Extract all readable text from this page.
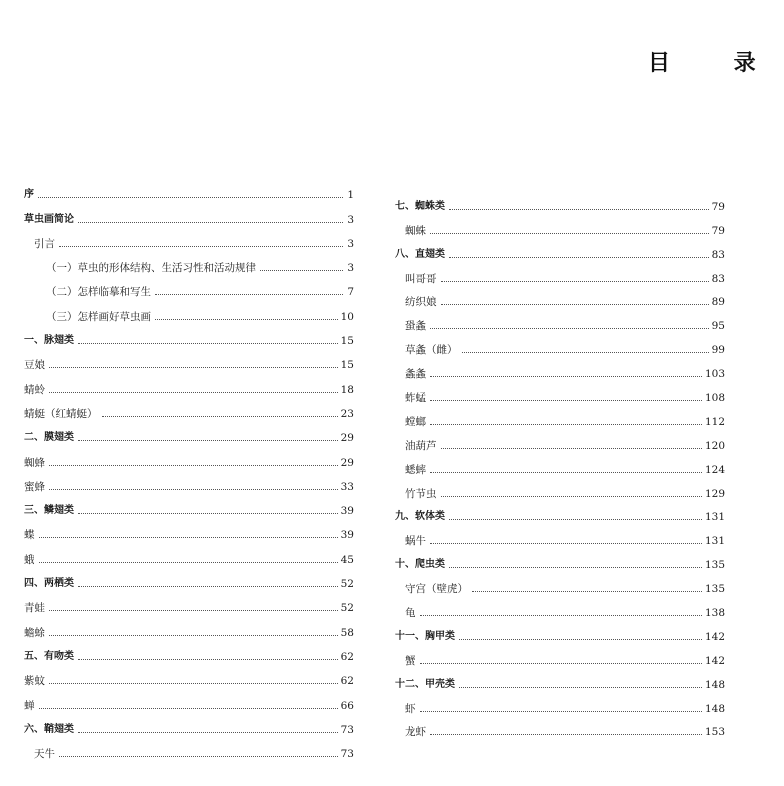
目 录
序	1
草虫画简论	3
引言	3
（一）草虫的形体结构、生活习性和活动规律	3
（二）怎样临摹和写生	7
（三）怎样画好草虫画	10
一、脉翅类	15
豆娘	15
蜻蛉	18
蜻蜓（红蜻蜓）	23
二、膜翅类	29
蜘蜂	29
蜜蜂	33
三、鳞翅类	39
蝶	39
蛾	45
四、两栖类	52
青蛙	52
蟾蜍	58
五、有吻类	62
紫蚊	62
蝉	66
六、鞘翅类	73
天牛	73
七、蜘蛛类	79
蜘蛛	79
八、直翅类	83
叫哥哥	83
纺织娘	89
蛩螽	95
草螽（雌）	99
螽螽	103
蚱蜢	108
螳螂	112
油葫芦	120
蟋蟀	124
竹节虫	129
九、软体类	131
蜗牛	131
十、爬虫类	135
守宫（壁虎）	135
龟	138
十一、胸甲类	142
蟹	142
十二、甲壳类	148
虾	148
龙虾	153
